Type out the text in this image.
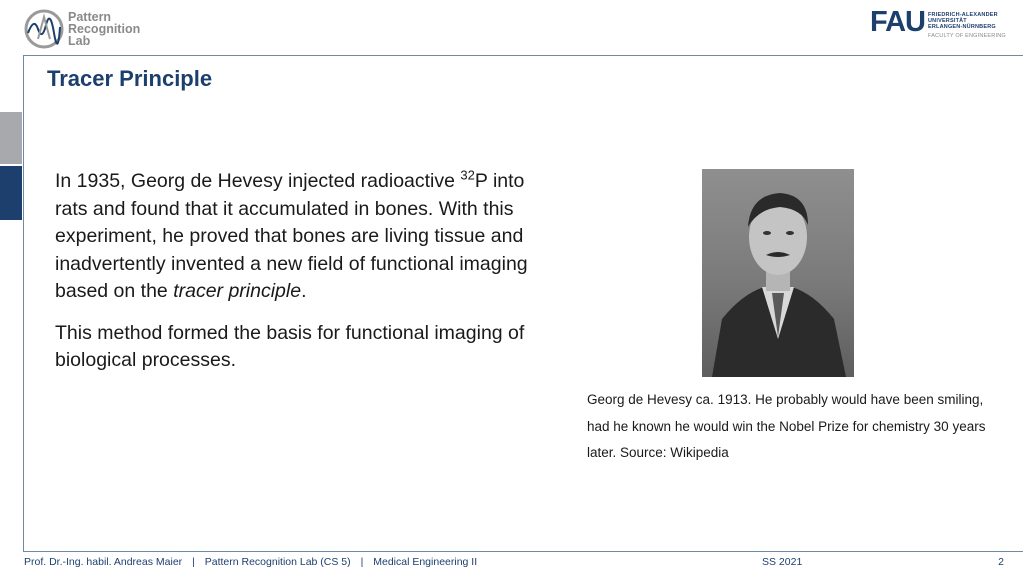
Pattern
Recognition
Lab
FAU FRIEDRICH-ALEXANDER
UNIVERSITÄT
ERLANGEN-NÜRNBERG
FACULTY OF ENGINEERING
Tracer Principle

In 1935, Georg de Hevesy injected radioactive $^{32}$P into rats and found that it accumulated in bones. With this experiment, he proved that bones are living tissue and inadvertently invented a new field of functional imaging based on the tracer principle.

This method formed the basis for functional imaging of biological processes.

Georg de Hevesy ca. 1913. He probably would have been smiling, had he known he would win the Nobel Prize for chemistry 30 years later. Source: Wikipedia
Prof. Dr.-Ing. habil. Andreas Maier | Pattern Recognition Lab (CS 5) | Medical Engineering II	SS 2021	2
